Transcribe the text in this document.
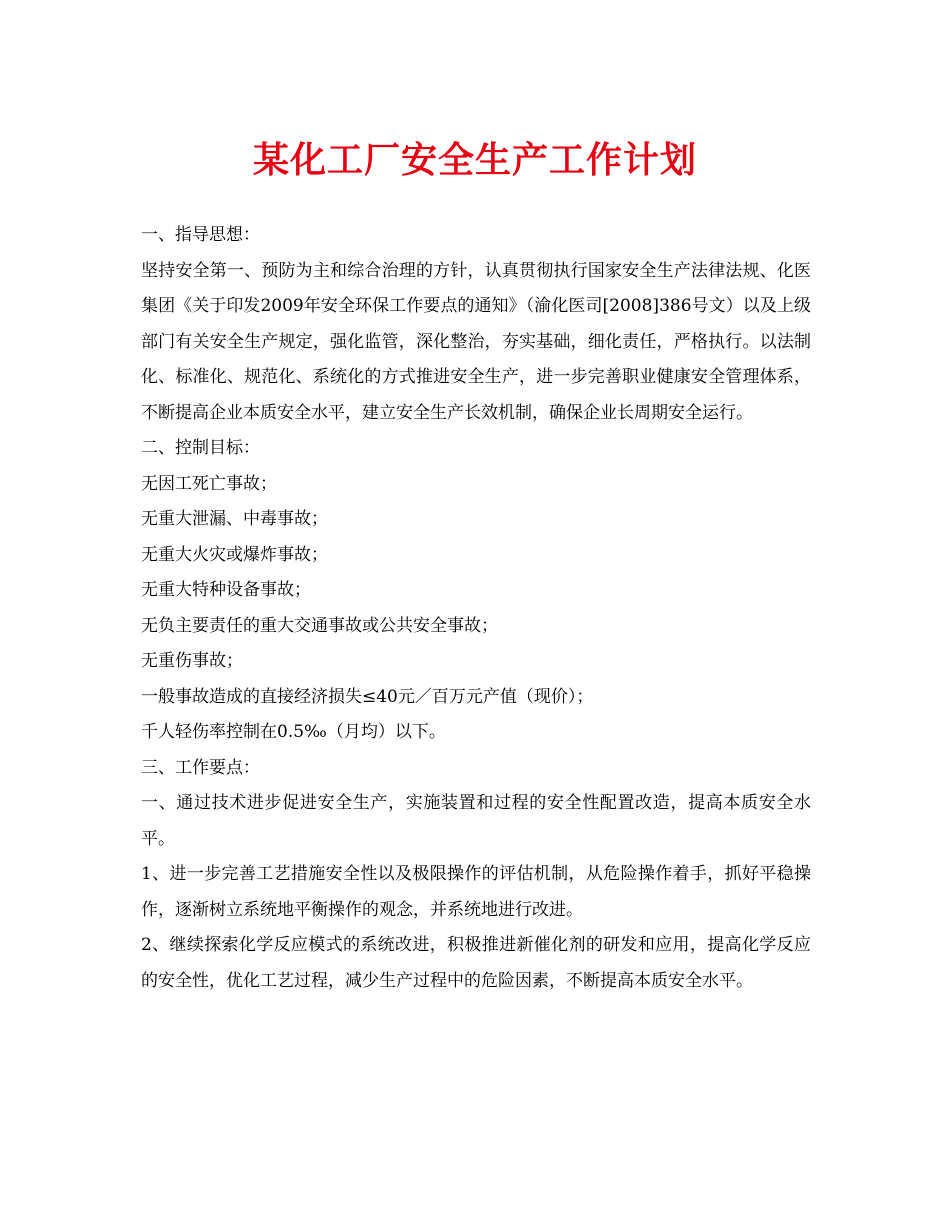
某化工厂安全生产工作计划

一、指导思想：

坚持安全第一、预防为主和综合治理的方针，认真贯彻执行国家安全生产法律法规、化医集团《关于印发2009年安全环保工作要点的通知》（渝化医司[2008]386号文）以及上级部门有关安全生产规定，强化监管，深化整治，夯实基础，细化责任，严格执行。以法制化、标准化、规范化、系统化的方式推进安全生产，进一步完善职业健康安全管理体系，不断提高企业本质安全水平，建立安全生产长效机制，确保企业长周期安全运行。

二、控制目标：

无因工死亡事故；

无重大泄漏、中毒事故；

无重大火灾或爆炸事故；

无重大特种设备事故；

无负主要责任的重大交通事故或公共安全事故；

无重伤事故；

一般事故造成的直接经济损失≤40元／百万元产值（现价）；

千人轻伤率控制在0.5‰（月均）以下。

三、工作要点：

一、通过技术进步促进安全生产，实施装置和过程的安全性配置改造，提高本质安全水平。

1、进一步完善工艺措施安全性以及极限操作的评估机制，从危险操作着手，抓好平稳操作，逐渐树立系统地平衡操作的观念，并系统地进行改进。

2、继续探索化学反应模式的系统改进，积极推进新催化剂的研发和应用，提高化学反应的安全性，优化工艺过程，减少生产过程中的危险因素，不断提高本质安全水平。
